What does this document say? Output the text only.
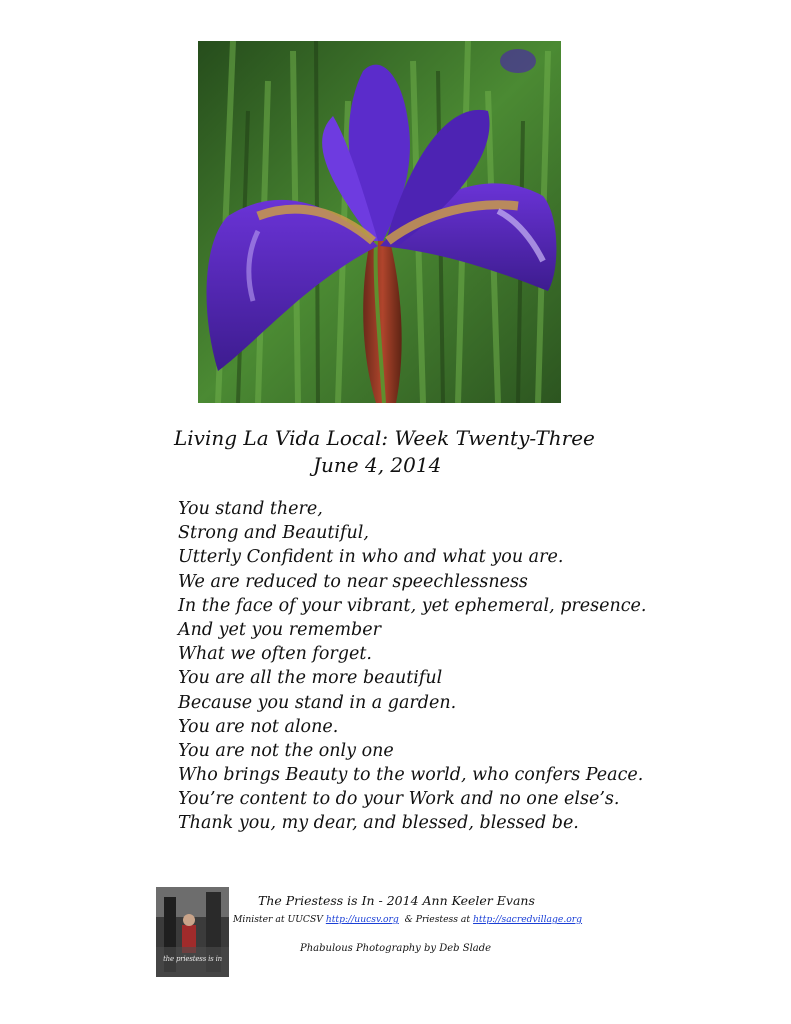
Living La Vida Local: Week Twenty-Three
June 4, 2014
You stand there,
Strong and Beautiful,
Utterly Confident in who and what you are.
We are reduced to near speechlessness
In the face of your vibrant, yet ephemeral, presence.
And yet you remember
What we often forget.
You are all the more beautiful
Because you stand in a garden.
You are not alone.
You are not the only one
Who brings Beauty to the world, who confers Peace.
You’re content to do your Work and no one else’s.
Thank you, my dear, and blessed, blessed be.
the priestess is in
The Priestess is In - 2014 Ann Keeler Evans
Minister at UUCSV http://uucsv.org  & Priestess at http://sacredvillage.org
Phabulous Photography by Deb Slade
